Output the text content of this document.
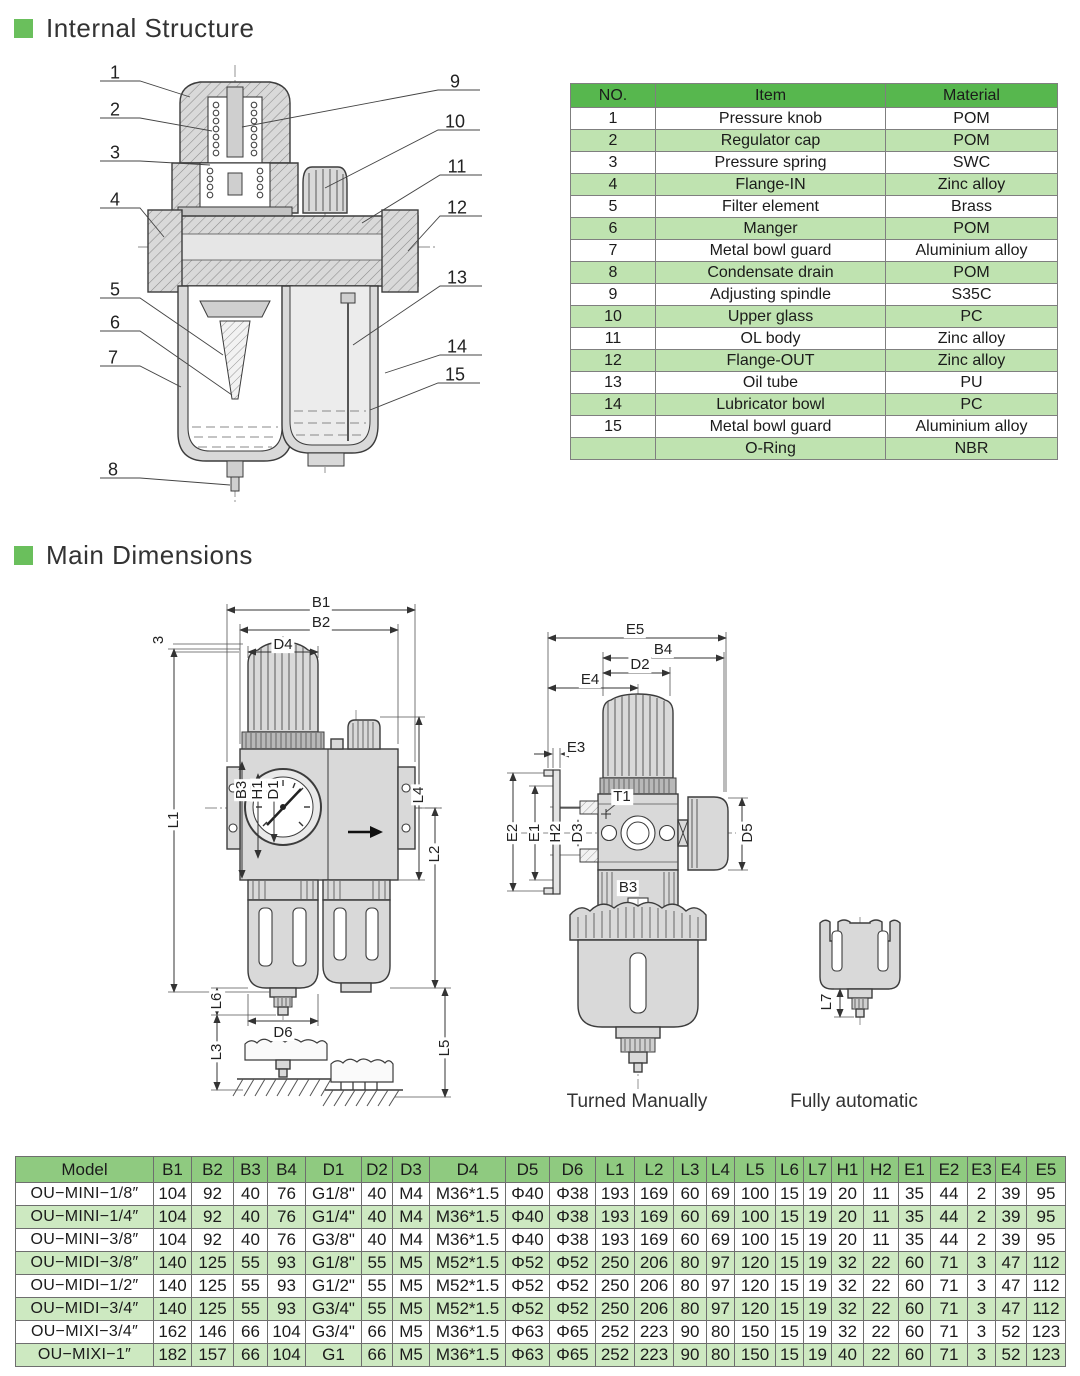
Internal Structure
1
2
3
4
5
6
7
8
9
10
11
12
13
14
15
NO.	Item	Material
1	Pressure knob	POM
2	Regulator cap	POM
3	Pressure spring	SWC
4	Flange-IN	Zinc alloy
5	Filter element	Brass
6	Manger	POM
7	Metal bowl guard	Aluminium alloy
8	Condensate drain	POM
9	Adjusting spindle	S35C
10	Upper glass	PC
11	OL body	Zinc alloy
12	Flange-OUT	Zinc alloy
13	Oil tube	PU
14	Lubricator bowl	PC
15	Metal bowl guard	Aluminium alloy
	O-Ring	NBR
Main Dimensions
B1
B2
D4
3
L1
B3 H1 D1	L4
L2
L5
L6
D6
L3
E5
B4
D2
E4
E3
E2 E1 H2 D3
T1
D5
B3
L7
Turned Manually	Fully automatic
Model	B1	B2	B3	B4	D1	D2	D3	D4	D5	D6	L1	L2	L3	L4	L5	L6	L7	H1	H2	E1	E2	E3	E4	E5
OU−MINI−1/8″	104	92	40	76	G1/8"	40	M4	M36*1.5	Φ40	Φ38	193	169	60	69	100	15	19	20	11	35	44	2	39	95
OU−MINI−1/4″	104	92	40	76	G1/4"	40	M4	M36*1.5	Φ40	Φ38	193	169	60	69	100	15	19	20	11	35	44	2	39	95
OU−MINI−3/8″	104	92	40	76	G3/8"	40	M4	M36*1.5	Φ40	Φ38	193	169	60	69	100	15	19	20	11	35	44	2	39	95
OU−MIDI−3/8″	140	125	55	93	G1/8"	55	M5	M52*1.5	Φ52	Φ52	250	206	80	97	120	15	19	32	22	60	71	3	47	112
OU−MIDI−1/2″	140	125	55	93	G1/2"	55	M5	M52*1.5	Φ52	Φ52	250	206	80	97	120	15	19	32	22	60	71	3	47	112
OU−MIDI−3/4″	140	125	55	93	G3/4"	55	M5	M52*1.5	Φ52	Φ52	250	206	80	97	120	15	19	32	22	60	71	3	47	112
OU−MIXI−3/4″	162	146	66	104	G3/4"	66	M5	M36*1.5	Φ63	Φ65	252	223	90	80	150	15	19	32	22	60	71	3	52	123
OU−MIXI−1″	182	157	66	104	G1	66	M5	M36*1.5	Φ63	Φ65	252	223	90	80	150	15	19	40	22	60	71	3	52	123
